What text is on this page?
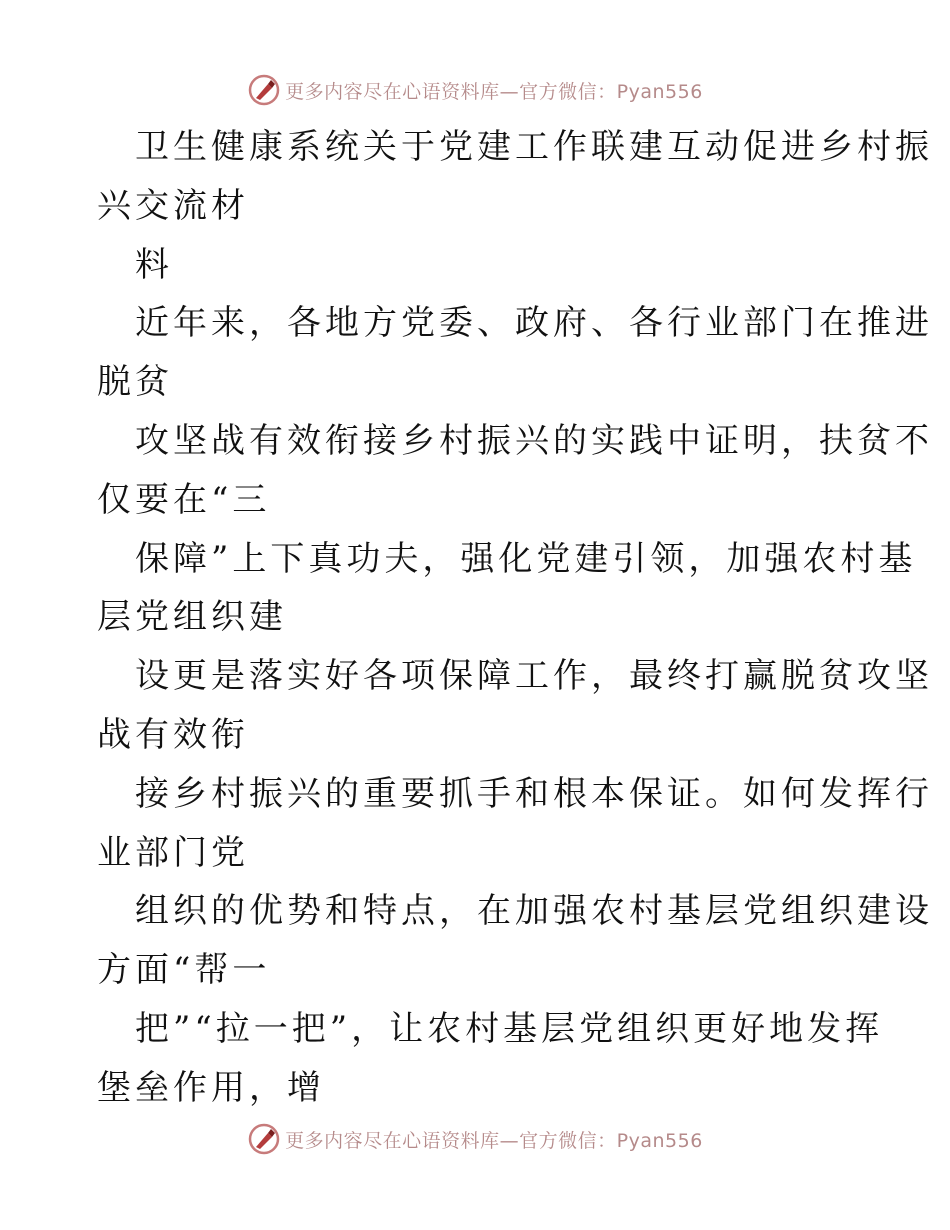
更多内容尽在心语资料库—官方微信：Pyan556
卫生健康系统关于党建工作联建互动促进乡村振
兴交流材
料
近年来，各地方党委、政府、各行业部门在推进
脱贫
攻坚战有效衔接乡村振兴的实践中证明，扶贫不
仅要在“三
保障”上下真功夫，强化党建引领，加强农村基
层党组织建
设更是落实好各项保障工作，最终打赢脱贫攻坚
战有效衔
接乡村振兴的重要抓手和根本保证。如何发挥行
业部门党
组织的优势和特点，在加强农村基层党组织建设
方面“帮一
把”“拉一把”，让农村基层党组织更好地发挥
堡垒作用，增
更多内容尽在心语资料库—官方微信：Pyan556
